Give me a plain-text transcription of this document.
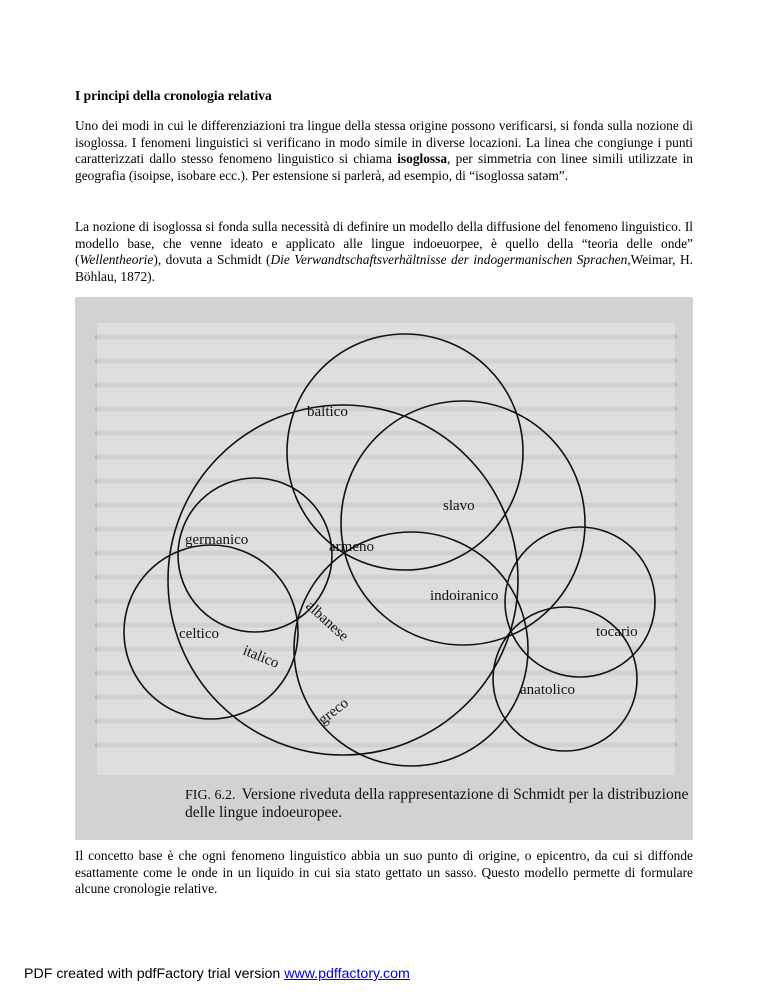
I principi della cronologia relativa

Uno dei modi in cui le differenziazioni tra lingue della stessa origine possono verificarsi, si fonda sulla nozione di isoglossa. I fenomeni linguistici si verificano in modo simile in diverse locazioni. La linea che congiunge i punti caratterizzati dallo stesso fenomeno linguistico si chiama isoglossa, per simmetria con linee simili utilizzate in geografia (isoipse, isobare ecc.). Per estensione si parlerà, ad esempio, di “isoglossa satəm”.

La nozione di isoglossa si fonda sulla necessità di definire un modello della diffusione del fenomeno linguistico. Il modello base, che venne ideato e applicato alle lingue indoeuorpee, è quello della “teoria delle onde” (Wellentheorie), dovuta a Schmidt (Die Verwandtschaftsverhältnisse der indogermanischen Sprachen,Weimar, H. Böhlau, 1872).

baltico
slavo
germanico	armeno
indoiranico
tocario
celtico	albanese
italico
anatolico
greco
FIG. 6.2. Versione riveduta della rappresentazione di Schmidt per la distribuzione
delle lingue indoeuropee.

Il concetto base è che ogni fenomeno linguistico abbia un suo punto di origine, o epicentro, da cui si diffonde esattamente come le onde in un liquido in cui sia stato gettato un sasso. Questo modello permette di formulare alcune cronologie relative.

PDF created with pdfFactory trial version www.pdffactory.com
